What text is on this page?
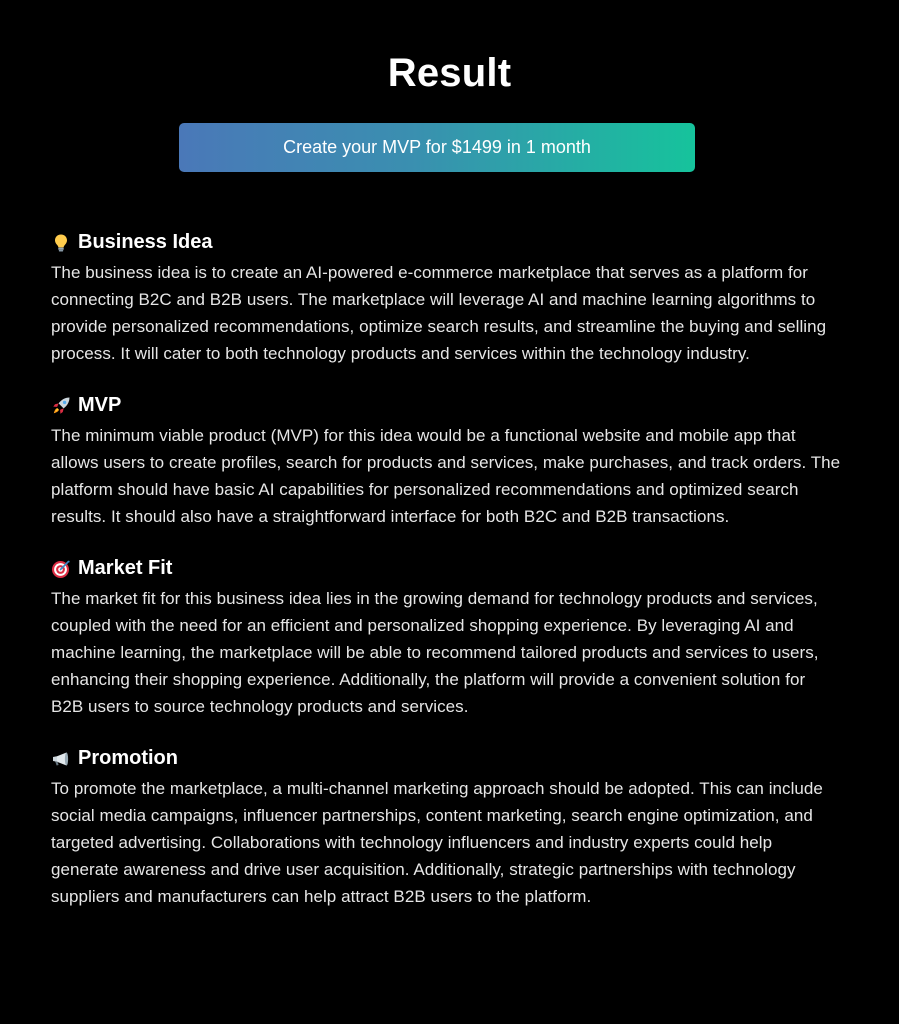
Result
Create your MVP for $1499 in 1 month
Business Idea
The business idea is to create an AI-powered e-commerce marketplace that serves as a platform for connecting B2C and B2B users. The marketplace will leverage AI and machine learning algorithms to provide personalized recommendations, optimize search results, and streamline the buying and selling process. It will cater to both technology products and services within the technology industry.
MVP
The minimum viable product (MVP) for this idea would be a functional website and mobile app that allows users to create profiles, search for products and services, make purchases, and track orders. The platform should have basic AI capabilities for personalized recommendations and optimized search results. It should also have a straightforward interface for both B2C and B2B transactions.
Market Fit
The market fit for this business idea lies in the growing demand for technology products and services, coupled with the need for an efficient and personalized shopping experience. By leveraging AI and machine learning, the marketplace will be able to recommend tailored products and services to users, enhancing their shopping experience. Additionally, the platform will provide a convenient solution for B2B users to source technology products and services.
Promotion
To promote the marketplace, a multi-channel marketing approach should be adopted. This can include social media campaigns, influencer partnerships, content marketing, search engine optimization, and targeted advertising. Collaborations with technology influencers and industry experts could help generate awareness and drive user acquisition. Additionally, strategic partnerships with technology suppliers and manufacturers can help attract B2B users to the platform.
